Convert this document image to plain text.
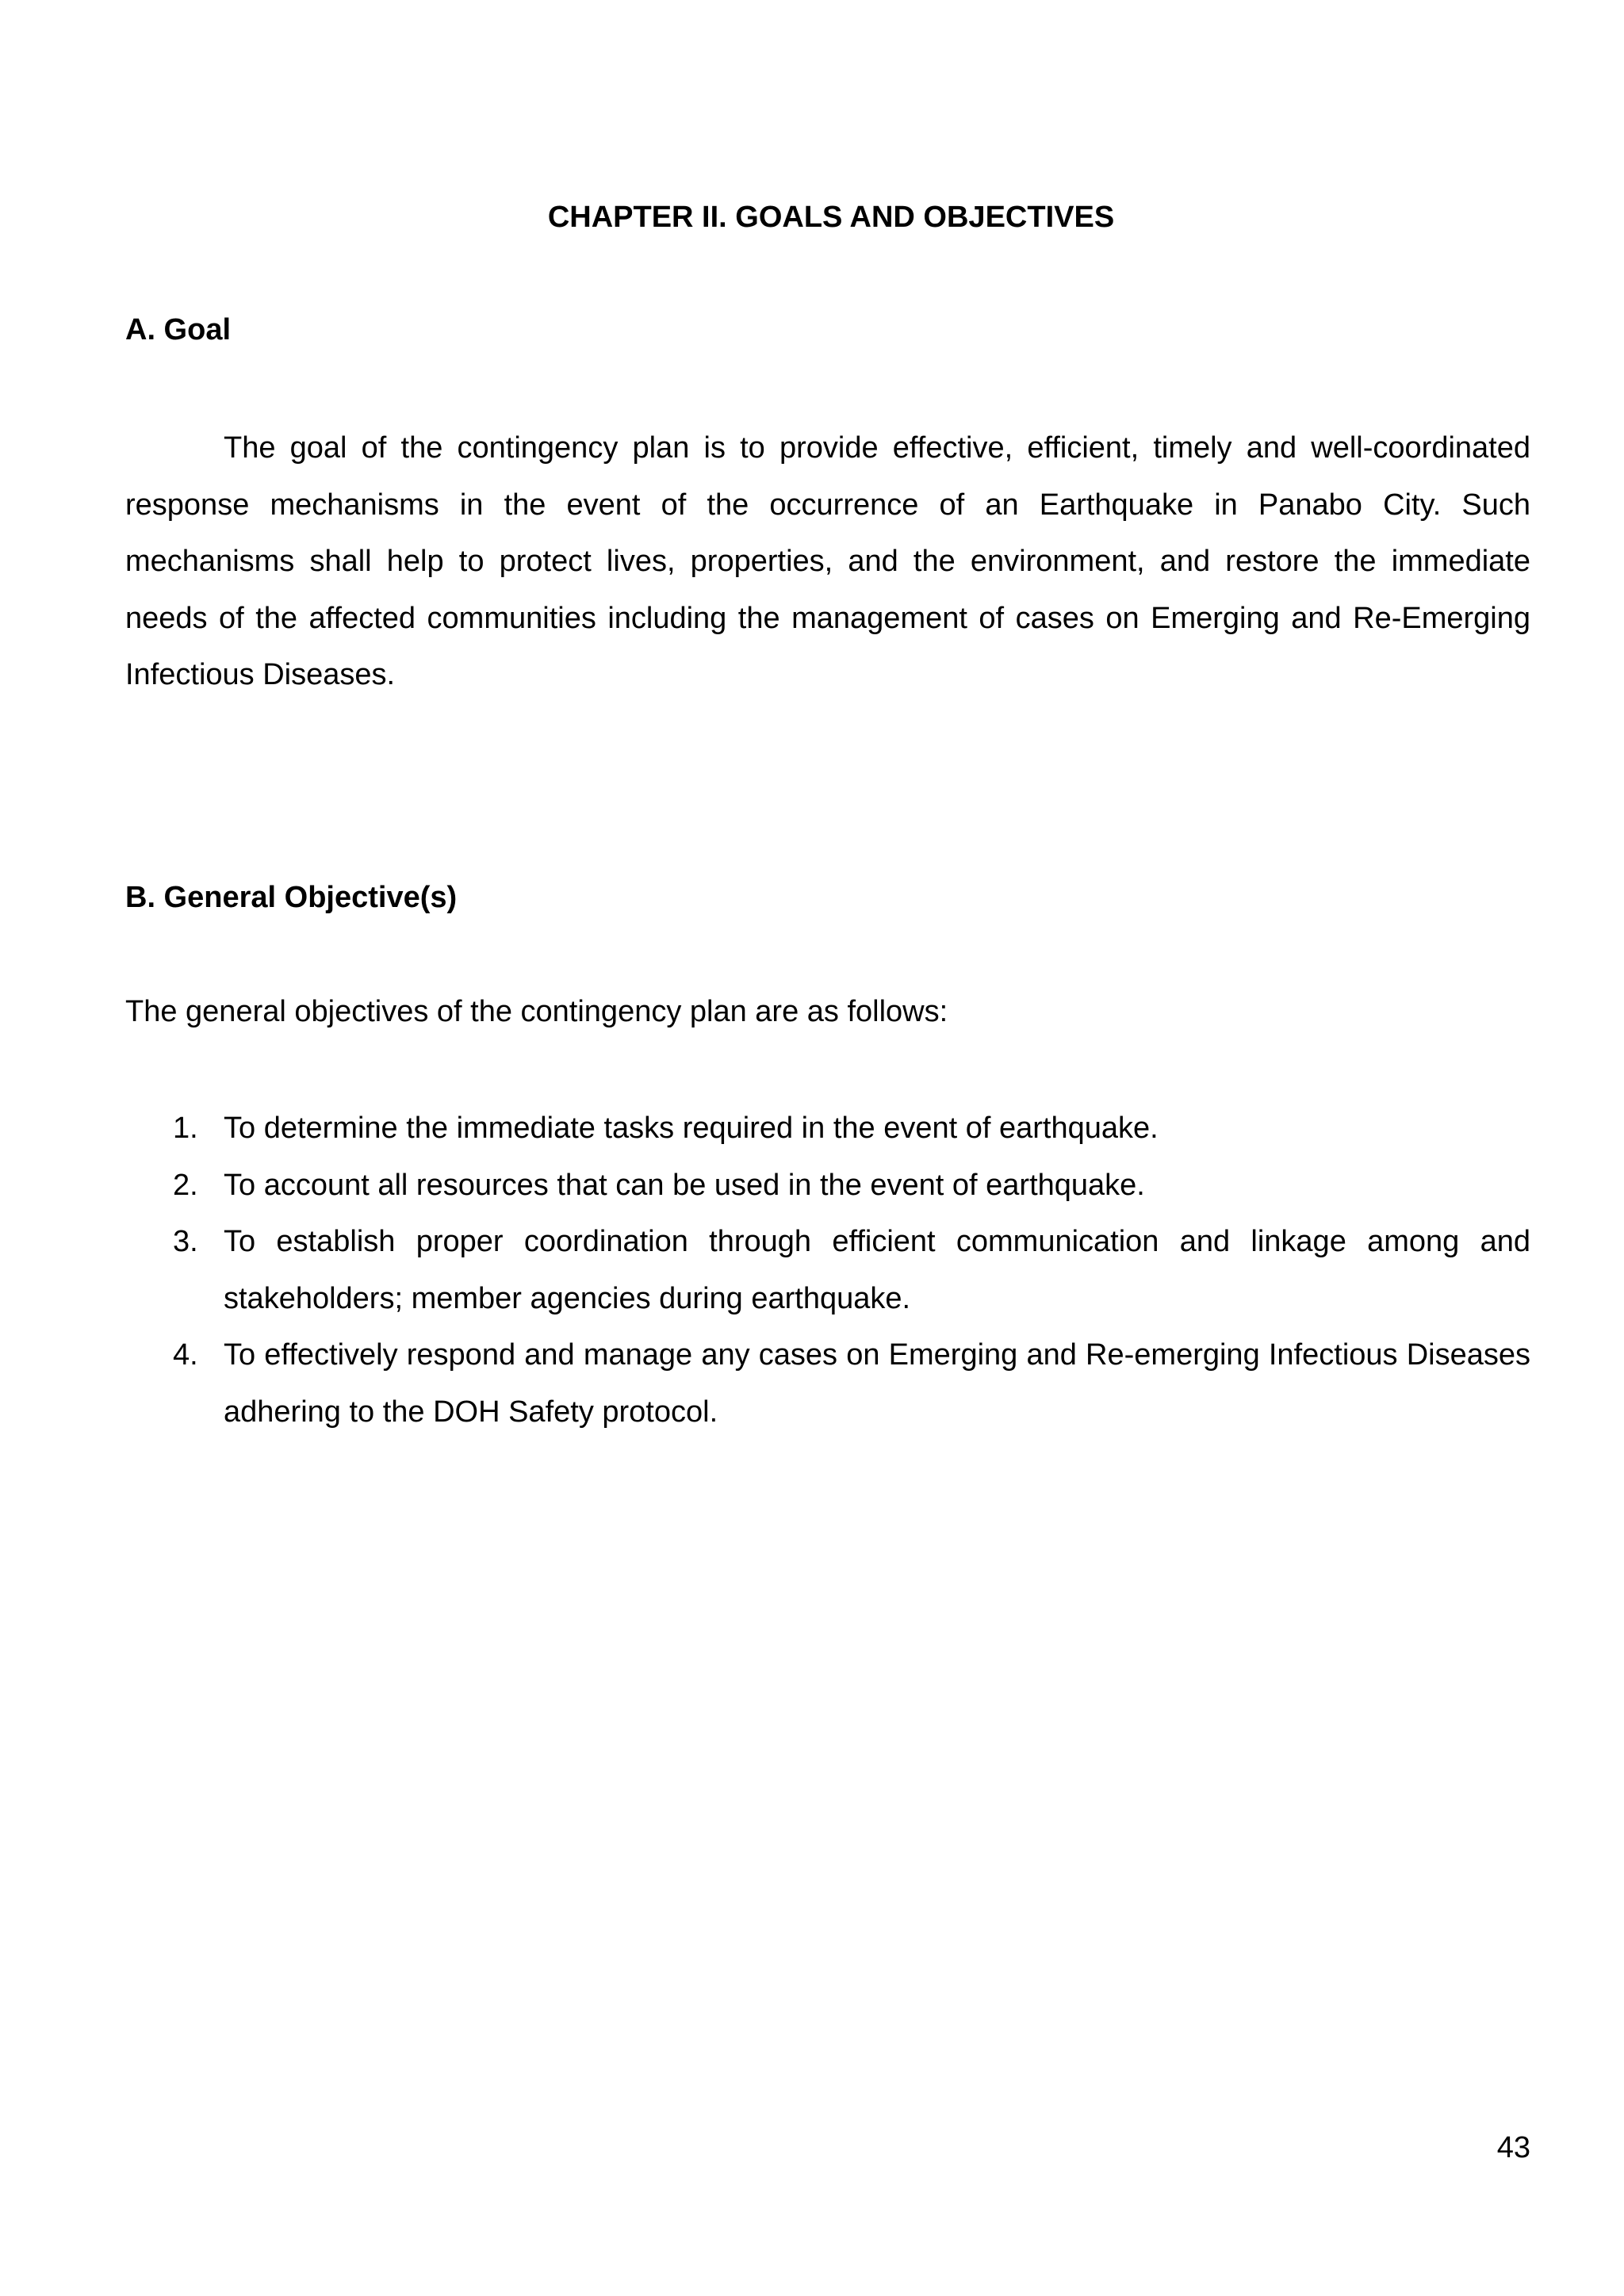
CHAPTER II. GOALS AND OBJECTIVES
A. Goal

The goal of the contingency plan is to provide effective, efficient, timely and well-coordinated response mechanisms in the event of the occurrence of an Earthquake in Panabo City. Such mechanisms shall help to protect lives, properties, and the environment, and restore the immediate needs of the affected communities including the management of cases on Emerging and Re-Emerging Infectious Diseases.

B. General Objective(s)

The general objectives of the contingency plan are as follows:

1. To determine the immediate tasks required in the event of earthquake.
2. To account all resources that can be used in the event of earthquake.
3. To establish proper coordination through efficient communication and linkage among and stakeholders; member agencies during earthquake.
4. To effectively respond and manage any cases on Emerging and Re-emerging Infectious Diseases adhering to the DOH Safety protocol.

43
